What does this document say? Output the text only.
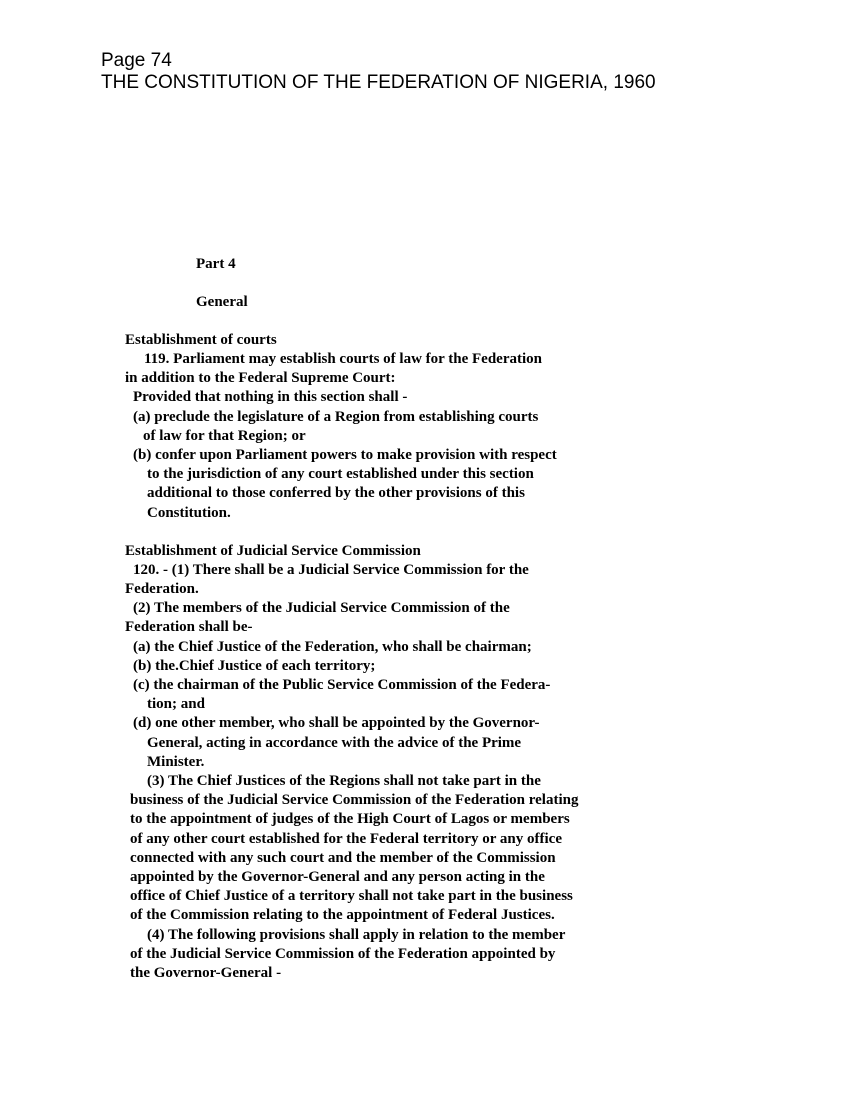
Page 74
THE CONSTITUTION OF THE FEDERATION OF NIGERIA, 1960
Part 4
General
Establishment of courts
119. Parliament may establish courts of law for the Federation
in addition to the Federal Supreme Court:
Provided that nothing in this section shall -
(a) preclude the legislature of a Region from establishing courts
of law for that Region; or
(b) confer upon Parliament powers to make provision with respect
to the jurisdiction of any court established under this section
additional to those conferred by the other provisions of this
Constitution.
Establishment of Judicial Service Commission
120. - (1) There shall be a Judicial Service Commission for the
Federation.
(2) The members of the Judicial Service Commission of the
Federation shall be-
(a) the Chief Justice of the Federation, who shall be chairman;
(b) the.Chief Justice of each territory;
(c) the chairman of the Public Service Commission of the Federa-
tion; and
(d) one other member, who shall be appointed by the Governor-
General, acting in accordance with the advice of the Prime
Minister.
(3) The Chief Justices of the Regions shall not take part in the
business of the Judicial Service Commission of the Federation relating
to the appointment of judges of the High Court of Lagos or members
of any other court established for the Federal territory or any office
connected with any such court and the member of the Commission
appointed by the Governor-General and any person acting in the
office of Chief Justice of a territory shall not take part in the business
of the Commission relating to the appointment of Federal Justices.
(4) The following provisions shall apply in relation to the member
of the Judicial Service Commission of the Federation appointed by
the Governor-General -
